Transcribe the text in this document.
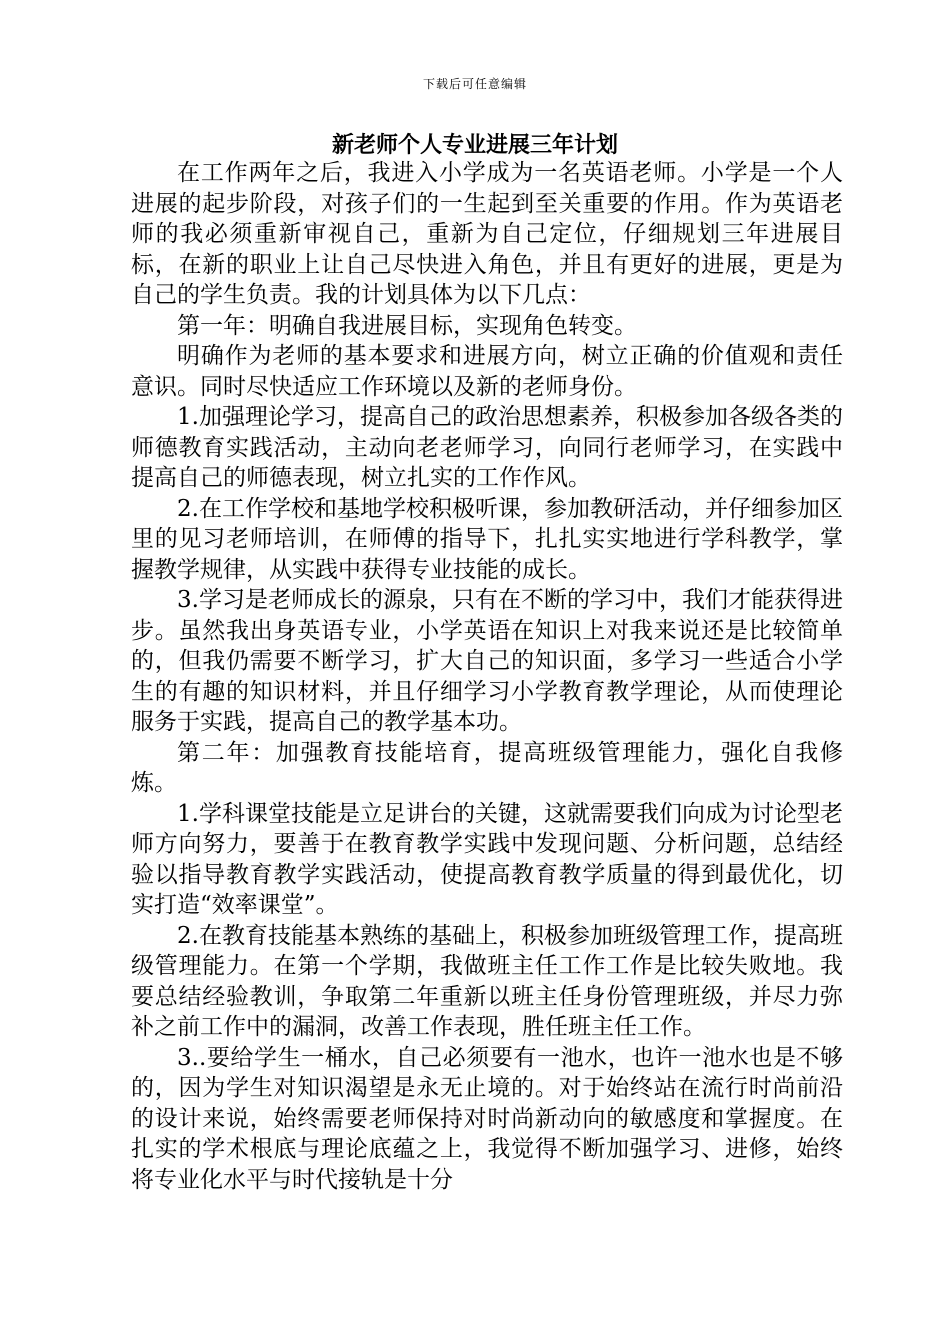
下载后可任意编辑
新老师个人专业进展三年计划

在工作两年之后，我进入小学成为一名英语老师。小学是一个人进展的起步阶段，对孩子们的一生起到至关重要的作用。作为英语老师的我必须重新审视自己，重新为自己定位，仔细规划三年进展目标，在新的职业上让自己尽快进入角色，并且有更好的进展，更是为自己的学生负责。我的计划具体为以下几点：

第一年：明确自我进展目标，实现角色转变。

明确作为老师的基本要求和进展方向，树立正确的价值观和责任意识。同时尽快适应工作环境以及新的老师身份。

1.加强理论学习，提高自己的政治思想素养，积极参加各级各类的师德教育实践活动，主动向老老师学习，向同行老师学习，在实践中提高自己的师德表现，树立扎实的工作作风。

2.在工作学校和基地学校积极听课，参加教研活动，并仔细参加区里的见习老师培训，在师傅的指导下，扎扎实实地进行学科教学，掌握教学规律，从实践中获得专业技能的成长。

3.学习是老师成长的源泉，只有在不断的学习中，我们才能获得进步。虽然我出身英语专业，小学英语在知识上对我来说还是比较简单的，但我仍需要不断学习，扩大自己的知识面，多学习一些适合小学生的有趣的知识材料，并且仔细学习小学教育教学理论，从而使理论服务于实践，提高自己的教学基本功。

第二年：加强教育技能培育，提高班级管理能力，强化自我修炼。

1.学科课堂技能是立足讲台的关键，这就需要我们向成为讨论型老师方向努力，要善于在教育教学实践中发现问题、分析问题，总结经验以指导教育教学实践活动，使提高教育教学质量的得到最优化，切实打造“效率课堂”。

2.在教育技能基本熟练的基础上，积极参加班级管理工作，提高班级管理能力。在第一个学期，我做班主任工作工作是比较失败地。我要总结经验教训，争取第二年重新以班主任身份管理班级，并尽力弥补之前工作中的漏洞，改善工作表现，胜任班主任工作。

3..要给学生一桶水，自己必须要有一池水，也许一池水也是不够的，因为学生对知识渴望是永无止境的。对于始终站在流行时尚前沿的设计来说，始终需要老师保持对时尚新动向的敏感度和掌握度。在扎实的学术根底与理论底蕴之上，我觉得不断加强学习、进修，始终将专业化水平与时代接轨是十分
